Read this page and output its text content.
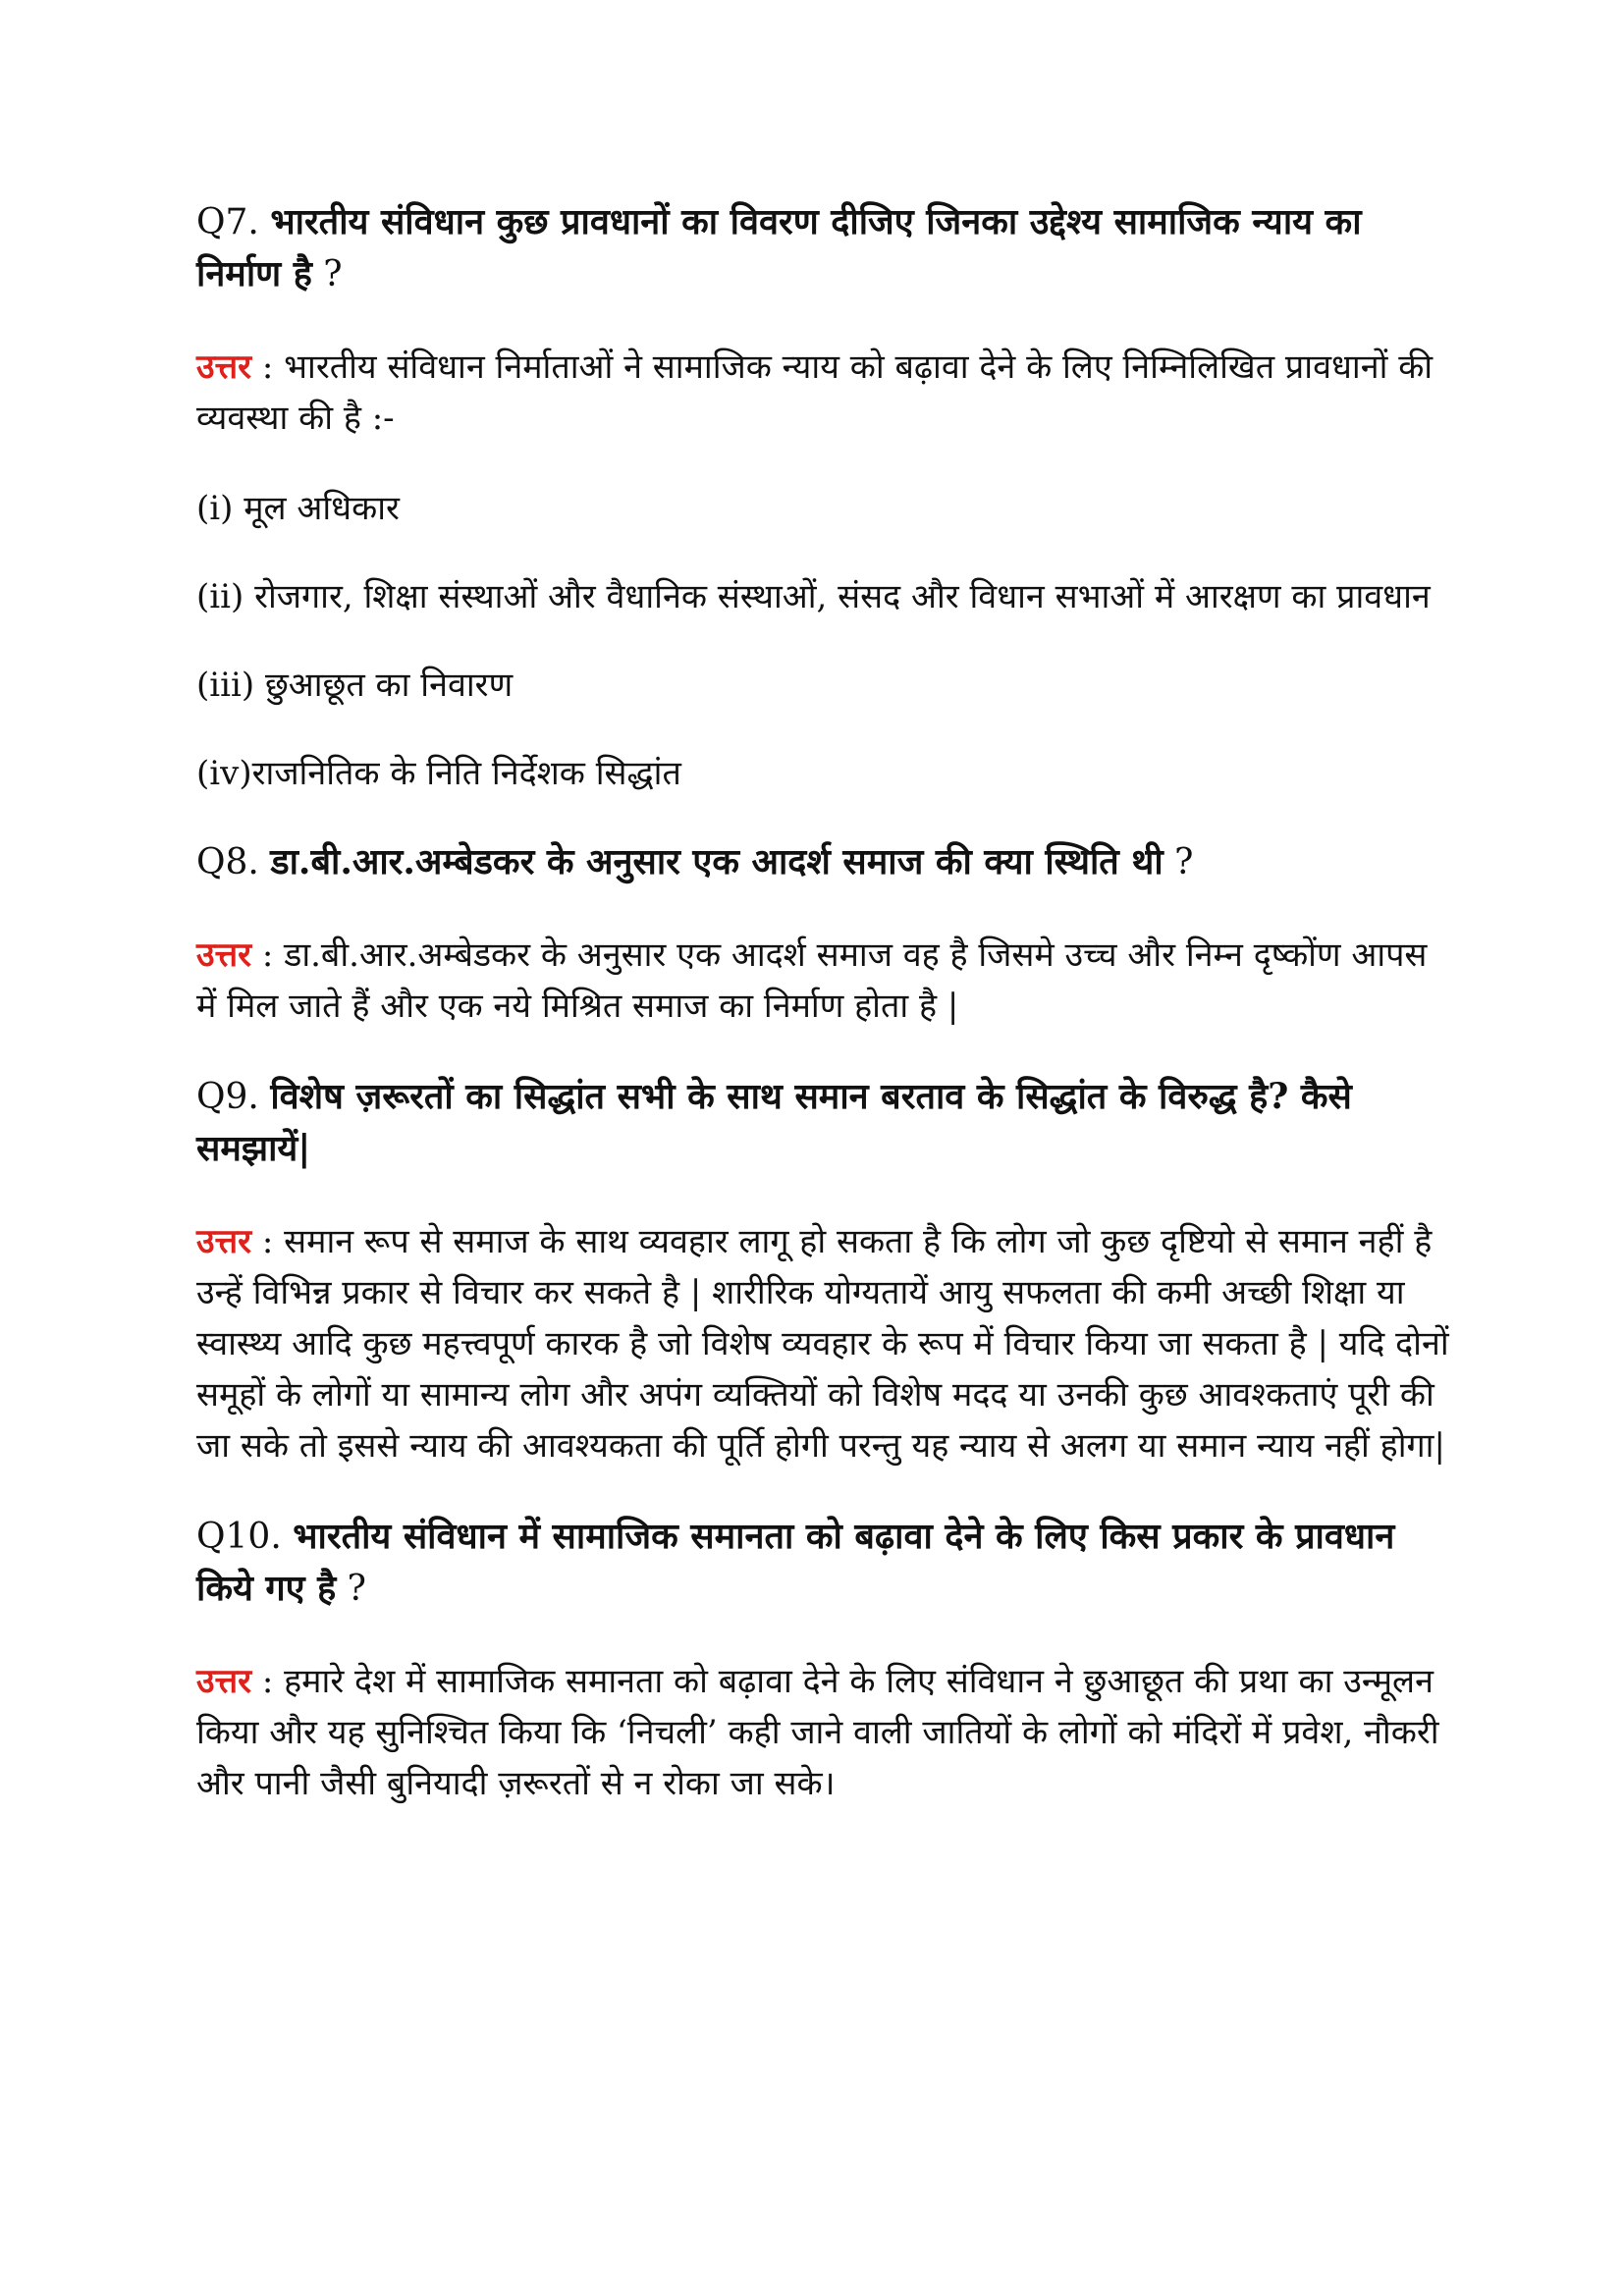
Q7. भारतीय संविधान कुछ प्रावधानों का विवरण दीजिए जिनका उद्देश्य सामाजिक न्याय का निर्माण है ?
उत्तर : भारतीय संविधान निर्माताओं ने सामाजिक न्याय को बढ़ावा देने के लिए निम्निलिखित प्रावधानों की व्यवस्था की है :-
(i) मूल अधिकार
(ii) रोजगार, शिक्षा संस्थाओं और वैधानिक संस्थाओं, संसद और विधान सभाओं में आरक्षण का प्रावधान
(iii) छुआछूत का निवारण
(iv)राजनितिक के निति निर्देशक सिद्धांत
Q8. डा.बी.आर.अम्बेडकर के अनुसार एक आदर्श समाज की क्या स्थिति थी ?
उत्तर : डा.बी.आर.अम्बेडकर के अनुसार एक आदर्श समाज वह है जिसमे उच्च और निम्न दृष्कोंण आपस में मिल जाते हैं और एक नये मिश्रित समाज का निर्माण होता है |
Q9. विशेष ज़रूरतों का सिद्धांत सभी के साथ समान बरताव के सिद्धांत के विरुद्ध है? कैसे समझायें|
उत्तर : समान रूप से समाज के साथ व्यवहार लागू हो सकता है कि लोग जो कुछ दृष्टियो से समान नहीं है उन्हें विभिन्न प्रकार से विचार कर सकते है | शारीरिक योग्यतायें आयु सफलता की कमी अच्छी शिक्षा या स्वास्थ्य आदि कुछ महत्त्वपूर्ण कारक है जो विशेष व्यवहार के रूप में विचार किया जा सकता है | यदि दोनों समूहों के लोगों या सामान्य लोग और अपंग व्यक्तियों को विशेष मदद या उनकी कुछ आवश्कताएं पूरी की जा सके तो इससे न्याय की आवश्यकता की पूर्ति होगी परन्तु यह न्याय से अलग या समान न्याय नहीं होगा|
Q10. भारतीय संविधान में सामाजिक समानता को बढ़ावा देने के लिए किस प्रकार के प्रावधान किये गए है ?
उत्तर : हमारे देश में सामाजिक समानता को बढ़ावा देने के लिए संविधान ने छुआछूत की प्रथा का उन्मूलन किया और यह सुनिश्चित किया कि ‘निचली’ कही जाने वाली जातियों के लोगों को मंदिरों में प्रवेश, नौकरी और पानी जैसी बुनियादी ज़रूरतों से न रोका जा सके।
